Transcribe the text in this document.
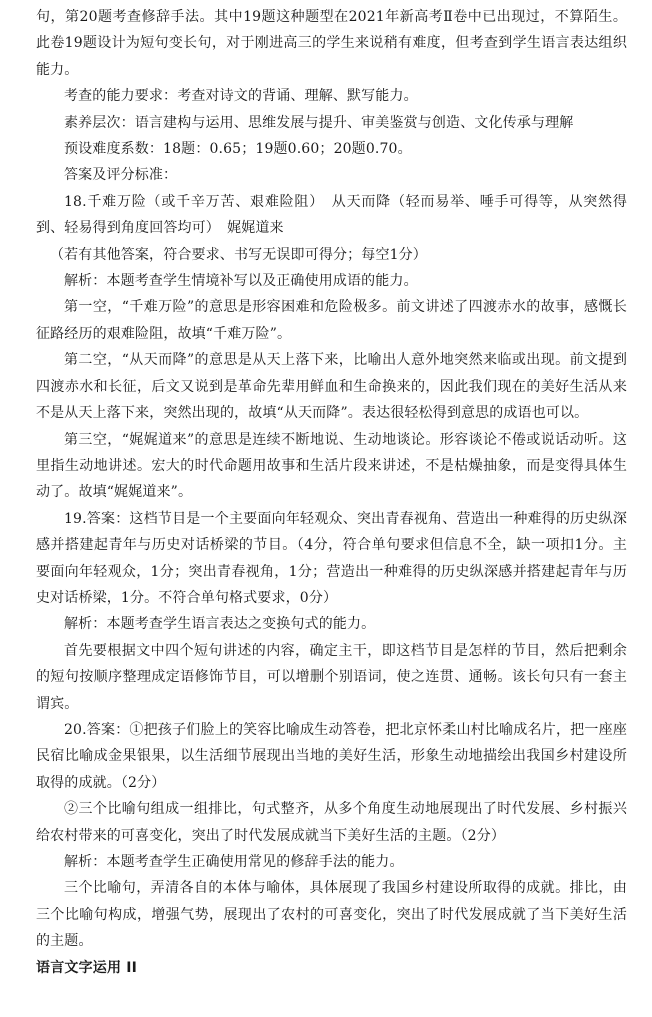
句，第20题考查修辞手法。其中19题这种题型在2021年新高考Ⅱ卷中已出现过，不算陌生。此卷19题设计为短句变长句，对于刚进高三的学生来说稍有难度，但考查到学生语言表达组织能力。

考查的能力要求：考查对诗文的背诵、理解、默写能力。

素养层次：语言建构与运用、思维发展与提升、审美鉴赏与创造、文化传承与理解

预设难度系数：18题：0.65；19题0.60；20题0.70。

答案及评分标准：

18.千难万险（或千辛万苦、艰难险阻）　从天而降（轻而易举、唾手可得等，从突然得到、轻易得到角度回答均可）　娓娓道来

（若有其他答案，符合要求、书写无误即可得分；每空1分）

解析：本题考查学生情境补写以及正确使用成语的能力。

第一空，“千难万险”的意思是形容困难和危险极多。前文讲述了四渡赤水的故事，感慨长征路经历的艰难险阻，故填“千难万险”。

第二空，“从天而降”的意思是从天上落下来，比喻出人意外地突然来临或出现。前文提到四渡赤水和长征，后文又说到是革命先辈用鲜血和生命换来的，因此我们现在的美好生活从来不是从天上落下来，突然出现的，故填“从天而降”。表达很轻松得到意思的成语也可以。

第三空，“娓娓道来”的意思是连续不断地说、生动地谈论。形容谈论不倦或说话动听。这里指生动地讲述。宏大的时代命题用故事和生活片段来讲述，不是枯燥抽象，而是变得具体生动了。故填“娓娓道来”。

19.答案：这档节目是一个主要面向年轻观众、突出青春视角、营造出一种难得的历史纵深感并搭建起青年与历史对话桥梁的节目。（4分，符合单句要求但信息不全，缺一项扣1分。主要面向年轻观众，1分；突出青春视角，1分；营造出一种难得的历史纵深感并搭建起青年与历史对话桥梁，1分。不符合单句格式要求，0分）

解析：本题考查学生语言表达之变换句式的能力。

首先要根据文中四个短句讲述的内容，确定主干，即这档节目是怎样的节目，然后把剩余的短句按顺序整理成定语修饰节目，可以增删个别语词，使之连贯、通畅。该长句只有一套主谓宾。

20.答案：①把孩子们脸上的笑容比喻成生动答卷，把北京怀柔山村比喻成名片，把一座座民宿比喻成金果银果，以生活细节展现出当地的美好生活，形象生动地描绘出我国乡村建设所取得的成就。（2分）

②三个比喻句组成一组排比，句式整齐，从多个角度生动地展现出了时代发展、乡村振兴给农村带来的可喜变化，突出了时代发展成就当下美好生活的主题。（2分）

解析：本题考查学生正确使用常见的修辞手法的能力。

三个比喻句，弄清各自的本体与喻体，具体展现了我国乡村建设所取得的成就。排比，由三个比喻句构成，增强气势，展现出了农村的可喜变化，突出了时代发展成就了当下美好生活的主题。

语言文字运用 II
